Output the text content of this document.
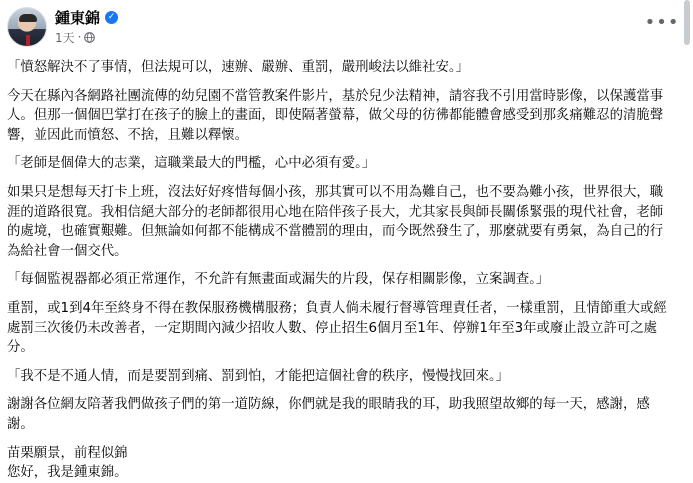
鍾東錦 ✓
1天 ·
•••

「憤怒解決不了事情，但法規可以，速辦、嚴辦、重罰，嚴刑峻法以維社安。」

今天在縣內各網路社團流傳的幼兒園不當管教案件影片，基於兒少法精神，請容我不引用當時影像，以保護當事人。但那一個個巴掌打在孩子的臉上的畫面，即使隔著螢幕，做父母的彷彿都能體會感受到那炙痛難忍的清脆聲響，並因此而憤怒、不捨，且難以釋懷。

「老師是個偉大的志業，這職業最大的門檻，心中必須有愛。」

如果只是想每天打卡上班，沒法好好疼惜每個小孩，那其實可以不用為難自己，也不要為難小孩，世界很大，職涯的道路很寬。我相信絕大部分的老師都很用心地在陪伴孩子長大，尤其家長與師長關係緊張的現代社會，老師的處境，也確實艱難。但無論如何都不能構成不當體罰的理由，而今既然發生了，那麼就要有勇氣，為自己的行為給社會一個交代。

「每個監視器都必須正常運作，不允許有無畫面或漏失的片段，保存相關影像，立案調查。」

重罰，或1到4年至終身不得在教保服務機構服務；負責人倘未履行督導管理責任者，一樣重罰，且情節重大或經處罰三次後仍未改善者，一定期間內減少招收人數、停止招生6個月至1年、停辦1年至3年或廢止設立許可之處分。

「我不是不通人情，而是要罰到痛、罰到怕，才能把這個社會的秩序，慢慢找回來。」

謝謝各位網友陪著我們做孩子們的第一道防線，你們就是我的眼睛我的耳，助我照望故鄉的每一天，感謝，感謝。

苗栗願景，前程似錦

您好，我是鍾東錦。
